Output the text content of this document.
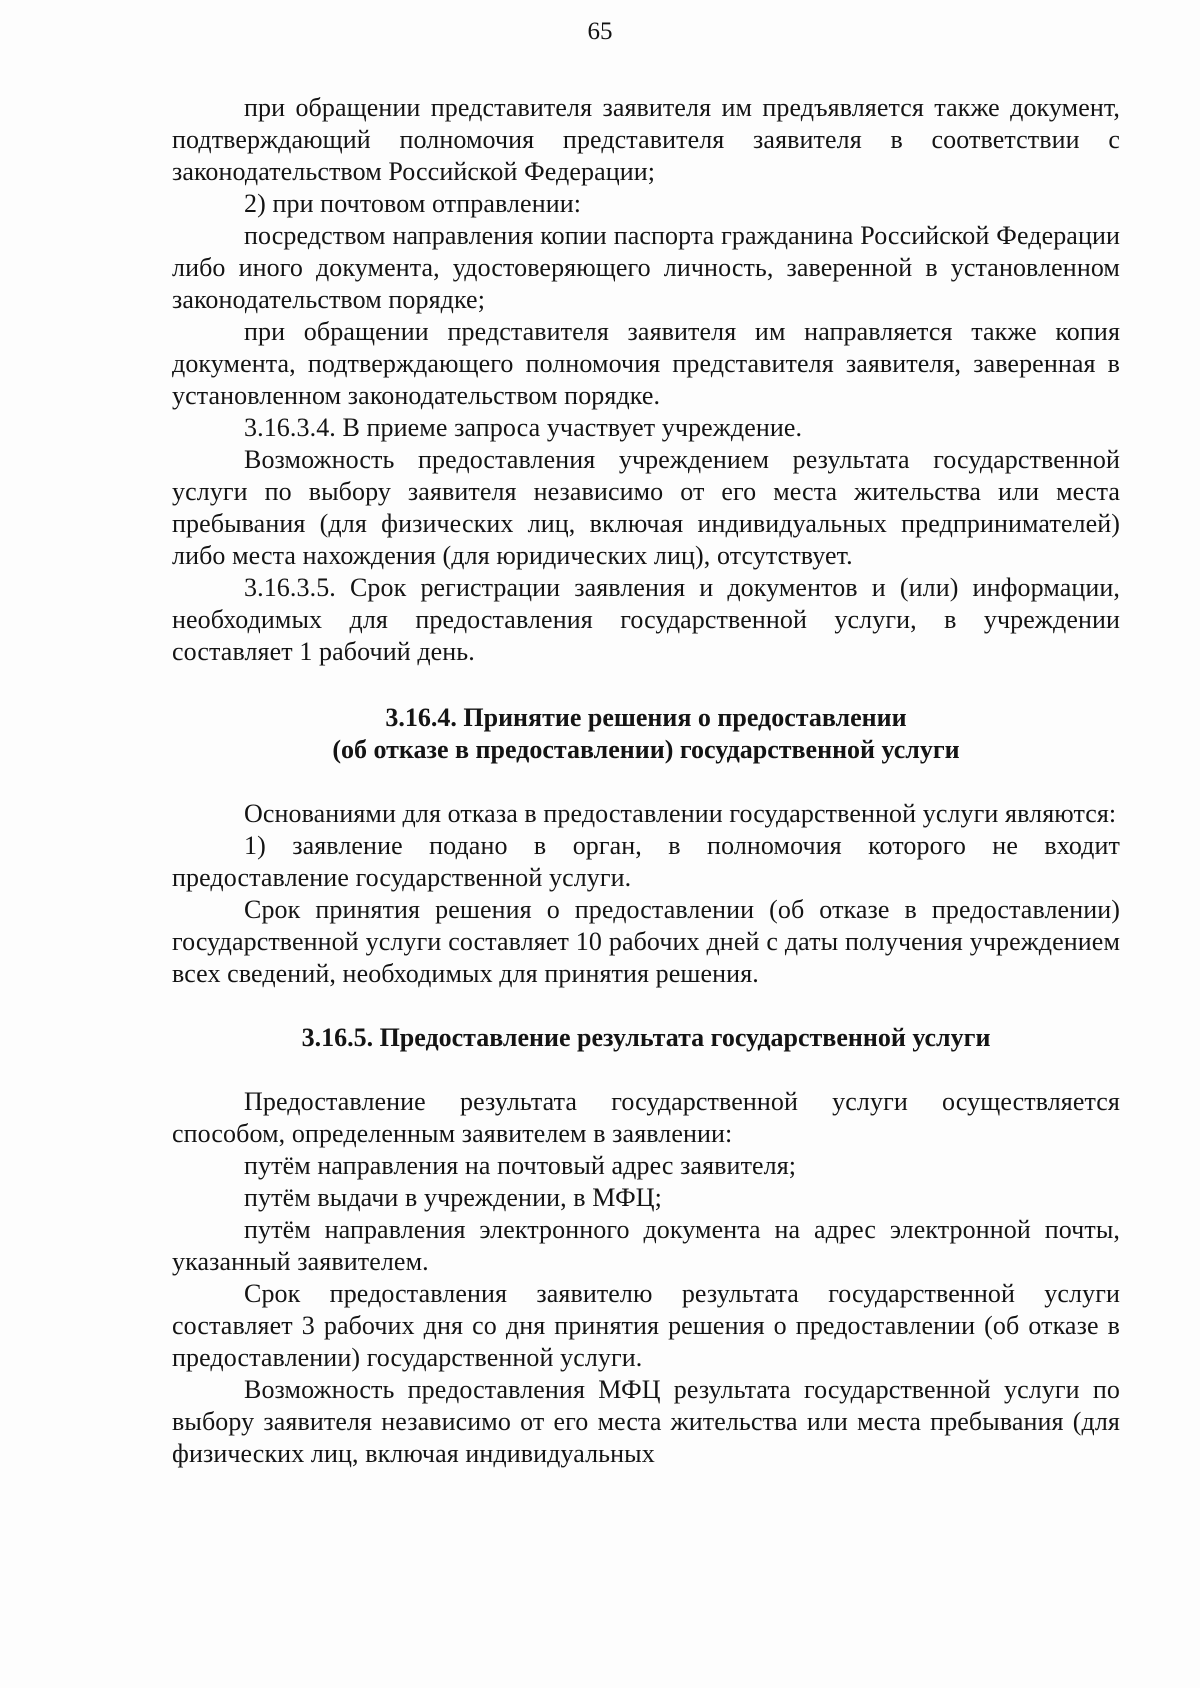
65

при обращении представителя заявителя им предъявляется также документ, подтверждающий полномочия представителя заявителя в соответствии с законодательством Российской Федерации;

2) при почтовом отправлении:

посредством направления копии паспорта гражданина Российской Федерации либо иного документа, удостоверяющего личность, заверенной в установленном законодательством порядке;

при обращении представителя заявителя им направляется также копия документа, подтверждающего полномочия представителя заявителя, заверенная в установленном законодательством порядке.

3.16.3.4. В приеме запроса участвует учреждение.

Возможность предоставления учреждением результата государственной услуги по выбору заявителя независимо от его места жительства или места пребывания (для физических лиц, включая индивидуальных предпринимателей) либо места нахождения (для юридических лиц), отсутствует.

3.16.3.5. Срок регистрации заявления и документов и (или) информации, необходимых для предоставления государственной услуги, в учреждении составляет 1 рабочий день.

3.16.4. Принятие решения о предоставлении

(об отказе в предоставлении) государственной услуги

Основаниями для отказа в предоставлении государственной услуги являются:

1) заявление подано в орган, в полномочия которого не входит предоставление государственной услуги.

Срок принятия решения о предоставлении (об отказе в предоставлении) государственной услуги составляет 10 рабочих дней с даты получения учреждением всех сведений, необходимых для принятия решения.

3.16.5. Предоставление результата государственной услуги

Предоставление результата государственной услуги осуществляется способом, определенным заявителем в заявлении:

путём направления на почтовый адрес заявителя;

путём выдачи в учреждении, в МФЦ;

путём направления электронного документа на адрес электронной почты, указанный заявителем.

Срок предоставления заявителю результата государственной услуги составляет 3 рабочих дня со дня принятия решения о предоставлении (об отказе в предоставлении) государственной услуги.

Возможность предоставления МФЦ результата государственной услуги по выбору заявителя независимо от его места жительства или места пребывания (для физических лиц, включая индивидуальных
